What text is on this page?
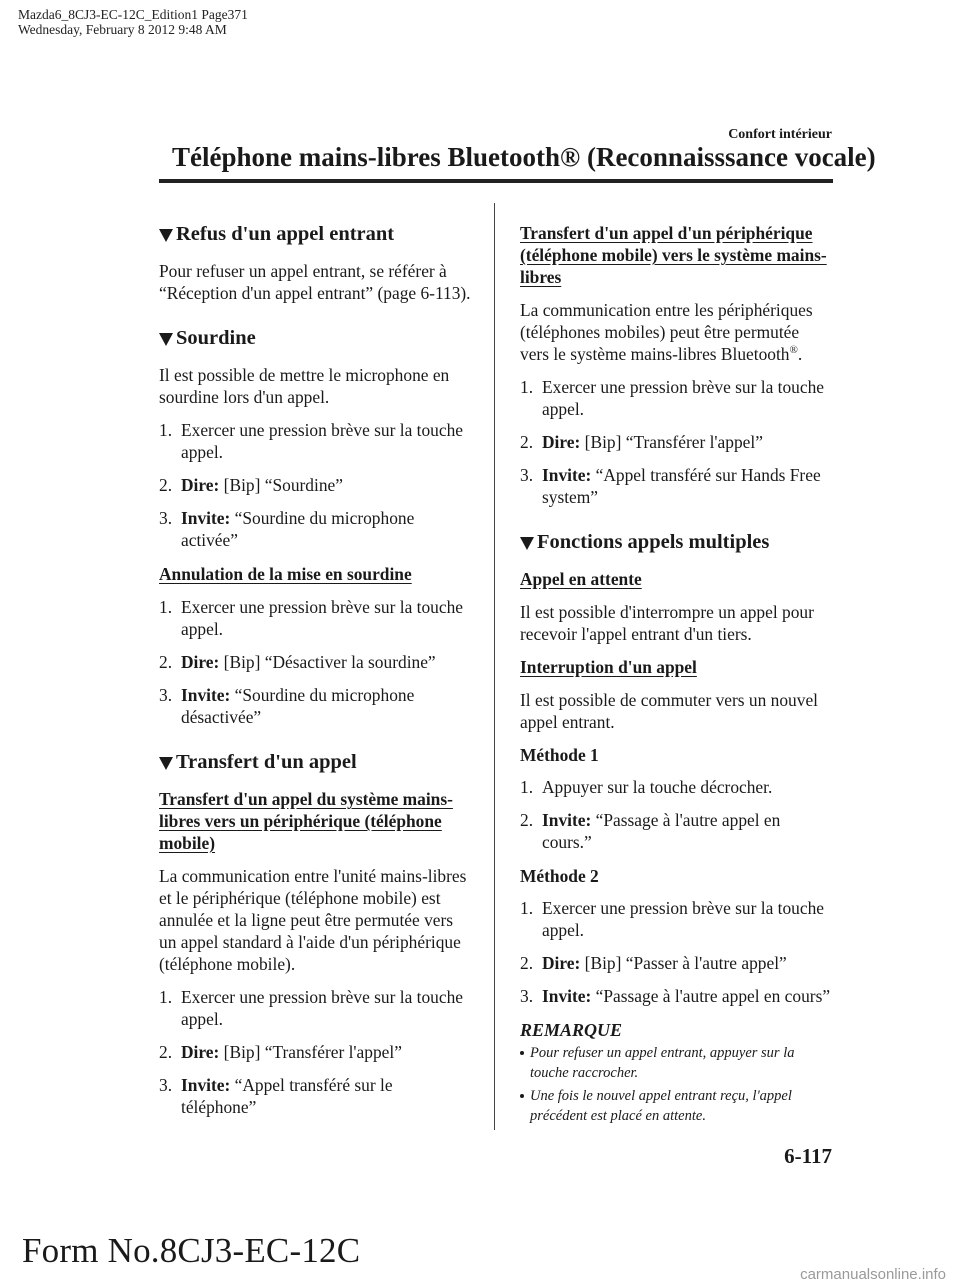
Mazda6_8CJ3-EC-12C_Edition1 Page371
Wednesday, February 8 2012 9:48 AM
Confort intérieur
Téléphone mains-libres Bluetooth® (Reconnaisssance vocale)
Refus d'un appel entrant

Pour refuser un appel entrant, se référer à “Réception d'un appel entrant” (page 6-113).

Sourdine

Il est possible de mettre le microphone en sourdine lors d'un appel.

1. Exercer une pression brève sur la touche appel.
2. Dire: [Bip] “Sourdine”
3. Invite: “Sourdine du microphone activée”
Annulation de la mise en sourdine
1. Exercer une pression brève sur la touche appel.
2. Dire: [Bip] “Désactiver la sourdine”
3. Invite: “Sourdine du microphone désactivée”
Transfert d'un appel
Transfert d'un appel du système mains-libres vers un périphérique (téléphone mobile)

La communication entre l'unité mains-libres et le périphérique (téléphone mobile) est annulée et la ligne peut être permutée vers un appel standard à l'aide d'un périphérique (téléphone mobile).

1. Exercer une pression brève sur la touche appel.
2. Dire: [Bip] “Transférer l'appel”
3. Invite: “Appel transféré sur le téléphone”
Transfert d'un appel d'un périphérique (téléphone mobile) vers le système mains-libres

La communication entre les périphériques (téléphones mobiles) peut être permutée vers le système mains-libres Bluetooth®.

1. Exercer une pression brève sur la touche appel.
2. Dire: [Bip] “Transférer l'appel”
3. Invite: “Appel transféré sur Hands Free system”
Fonctions appels multiples
Appel en attente

Il est possible d'interrompre un appel pour recevoir l'appel entrant d'un tiers.

Interruption d'un appel

Il est possible de commuter vers un nouvel appel entrant.

Méthode 1
1. Appuyer sur la touche décrocher.
2. Invite: “Passage à l'autre appel en cours.”
Méthode 2
1. Exercer une pression brève sur la touche appel.
2. Dire: [Bip] “Passer à l'autre appel”
3. Invite: “Passage à l'autre appel en cours”
REMARQUE
Pour refuser un appel entrant, appuyer sur la touche raccrocher.
Une fois le nouvel appel entrant reçu, l'appel précédent est placé en attente.
6-117
Form No.8CJ3-EC-12C
carmanualsonline.info
